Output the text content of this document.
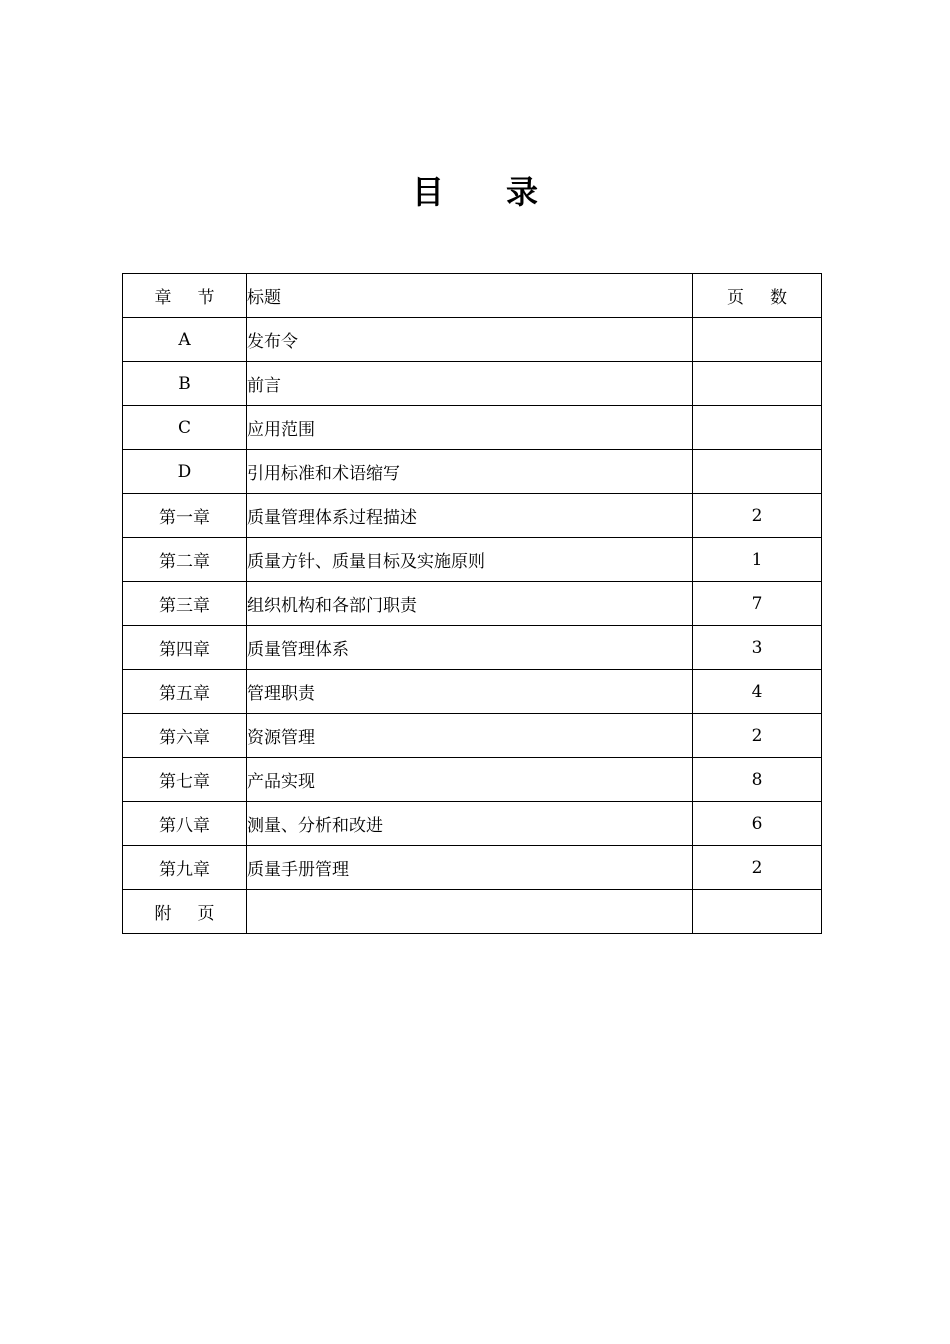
目 录
章 节	标题	页 数
A	发布令	
B	前言	
C	应用范围	
D	引用标准和术语缩写	
第一章	质量管理体系过程描述	2
第二章	质量方针、质量目标及实施原则	1
第三章	组织机构和各部门职责	7
第四章	质量管理体系	3
第五章	管理职责	4
第六章	资源管理	2
第七章	产品实现	8
第八章	测量、分析和改进	6
第九章	质量手册管理	2
附 页		
